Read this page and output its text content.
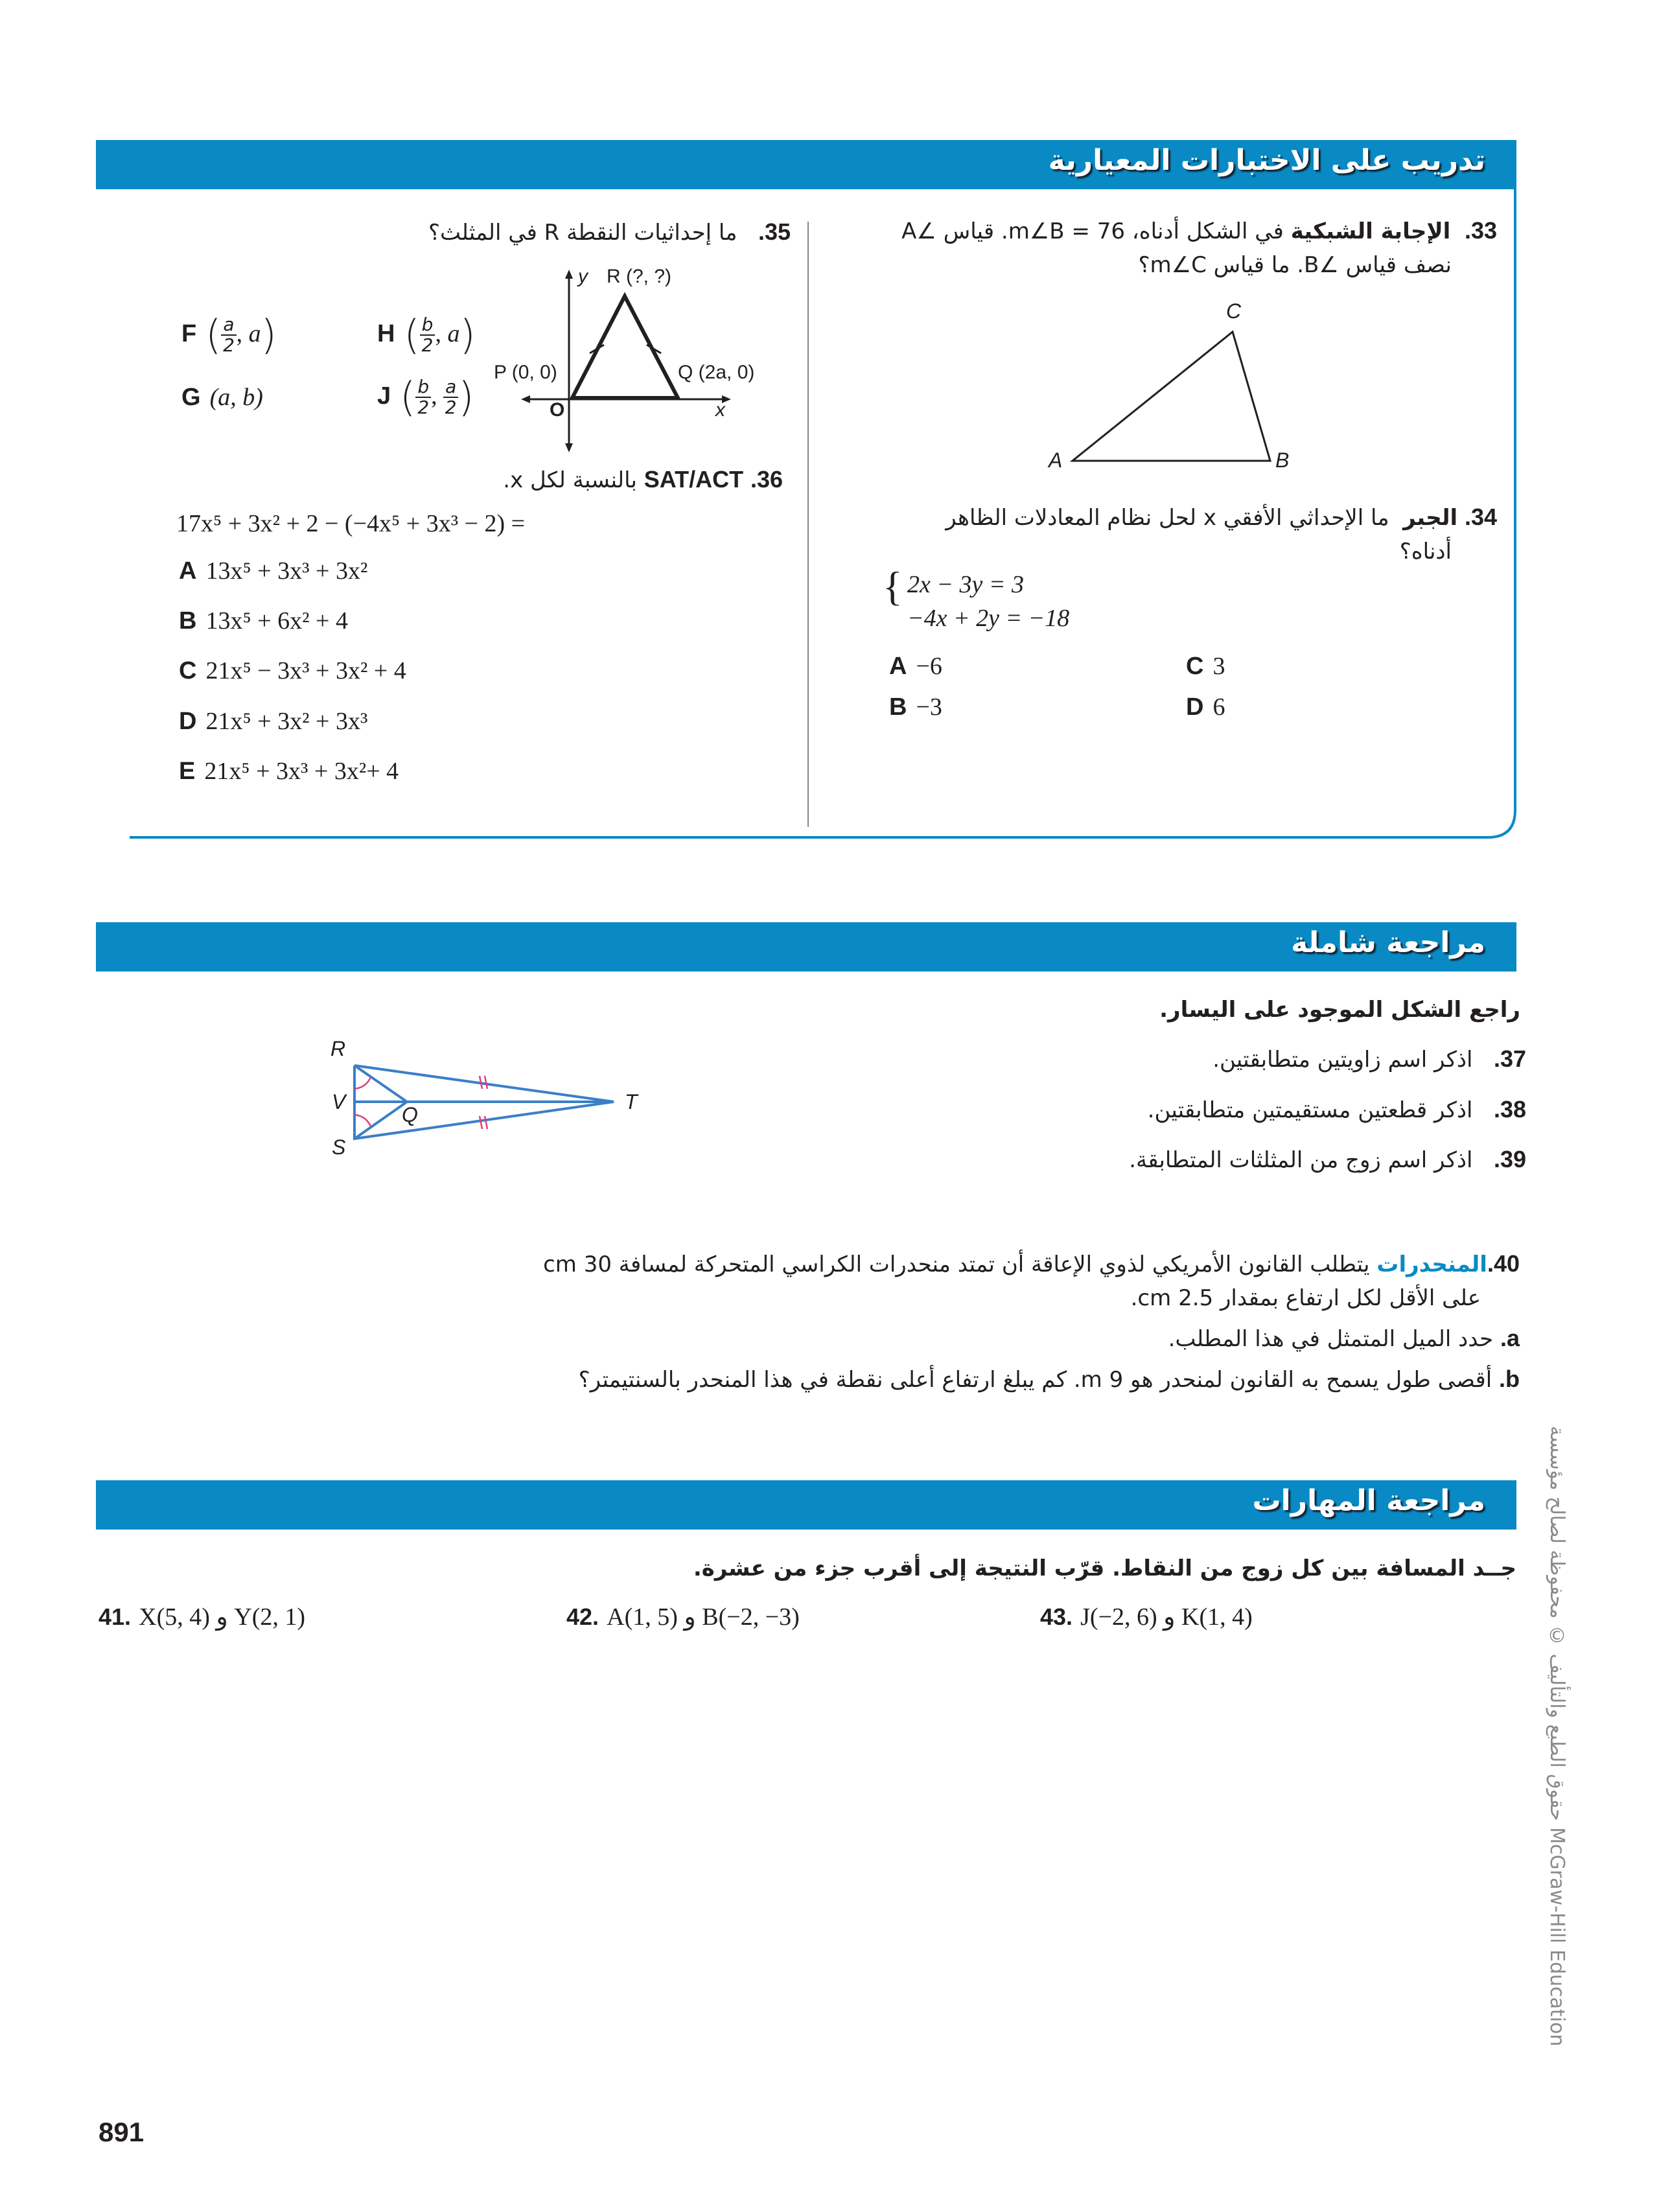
تدريب على الاختبارات المعيارية
33.  الإجابة الشبكية في الشكل أدناه، m∠B = 76. قياس ∠A
نصف قياس ∠B. ما قياس m∠C؟
A	B
C
34. الجبر  ما الإحداثي الأفقي x لحل نظام المعادلات الظاهر
أدناه؟
{ 2x − 3y = 3
−4x + 2y = −18
A −6
B −3
C 3
D 6
35.   ما إحداثيات النقطة R في المثلث؟
F ( $\frac{a}{2}$ , a)
G (a, b)
H ( $\frac{b}{2}$ , a)
J ( $\frac{b}{2}$ , $\frac{a}{2}$ )
R (?, ?)
P (0, 0)	Q (2a, 0)
O	x
y
36. SAT/ACT بالنسبة لكل x.
17x⁵ + 3x² + 2 − (−4x⁵ + 3x³ − 2) =
A 13x⁵ + 3x³ + 3x²
B 13x⁵ + 6x² + 4
C 21x⁵ − 3x³ + 3x² + 4
D 21x⁵ + 3x² + 3x³
E 21x⁵ + 3x³ + 3x²+ 4
مراجعة شاملة
راجع الشكل الموجود على اليسار.
37.   اذكر اسم زاويتين متطابقتين.
38.   اذكر قطعتين مستقيمتين متطابقتين.
39.   اذكر اسم زوج من المثلثات المتطابقة.
R
V
S
Q
T
40.المنحدرات يتطلب القانون الأمريكي لذوي الإعاقة أن تمتد منحدرات الكراسي المتحركة لمسافة 30 cm
على الأقل لكل ارتفاع بمقدار 2.5 cm.
a. حدد الميل المتمثل في هذا المطلب.
b. أقصى طول يسمح به القانون لمنحدر هو 9 m. كم يبلغ ارتفاع أعلى نقطة في هذا المنحدر بالسنتيمتر؟
مراجعة المهارات
جــد المسافة بين كل زوج من النقاط. قرّب النتيجة إلى أقرب جزء من عشرة.
41. X(5, 4) و Y(2, 1)	42. A(1, 5) و B(−2, −3)	43. J(−2, 6) و K(1, 4)
891
حقوق الطبع والتأليف © محفوظة لصالح مؤسسة McGraw-Hill Education
